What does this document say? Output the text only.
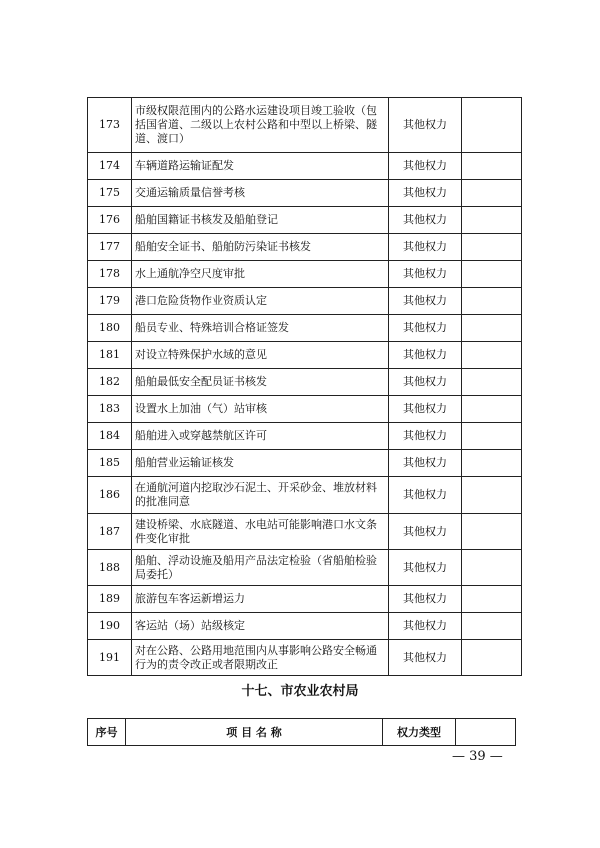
173	市级权限范围内的公路水运建设项目竣工验收（包括国省道、二级以上农村公路和中型以上桥梁、隧道、渡口）	其他权力	
174	车辆道路运输证配发	其他权力	
175	交通运输质量信誉考核	其他权力	
176	船舶国籍证书核发及船舶登记	其他权力	
177	船舶安全证书、船舶防污染证书核发	其他权力	
178	水上通航净空尺度审批	其他权力	
179	港口危险货物作业资质认定	其他权力	
180	船员专业、特殊培训合格证签发	其他权力	
181	对设立特殊保护水域的意见	其他权力	
182	船舶最低安全配员证书核发	其他权力	
183	设置水上加油（气）站审核	其他权力	
184	船舶进入或穿越禁航区许可	其他权力	
185	船舶营业运输证核发	其他权力	
186	在通航河道内挖取沙石泥土、开采砂金、堆放材料的批准同意	其他权力	
187	建设桥梁、水底隧道、水电站可能影响港口水文条件变化审批	其他权力	
188	船舶、浮动设施及船用产品法定检验（省船舶检验局委托）	其他权力	
189	旅游包车客运新增运力	其他权力	
190	客运站（场）站级核定	其他权力	
191	对在公路、公路用地范围内从事影响公路安全畅通行为的责令改正或者限期改正	其他权力	
十七、市农业农村局
序号	项 目 名 称	权力类型	
— 39 —
